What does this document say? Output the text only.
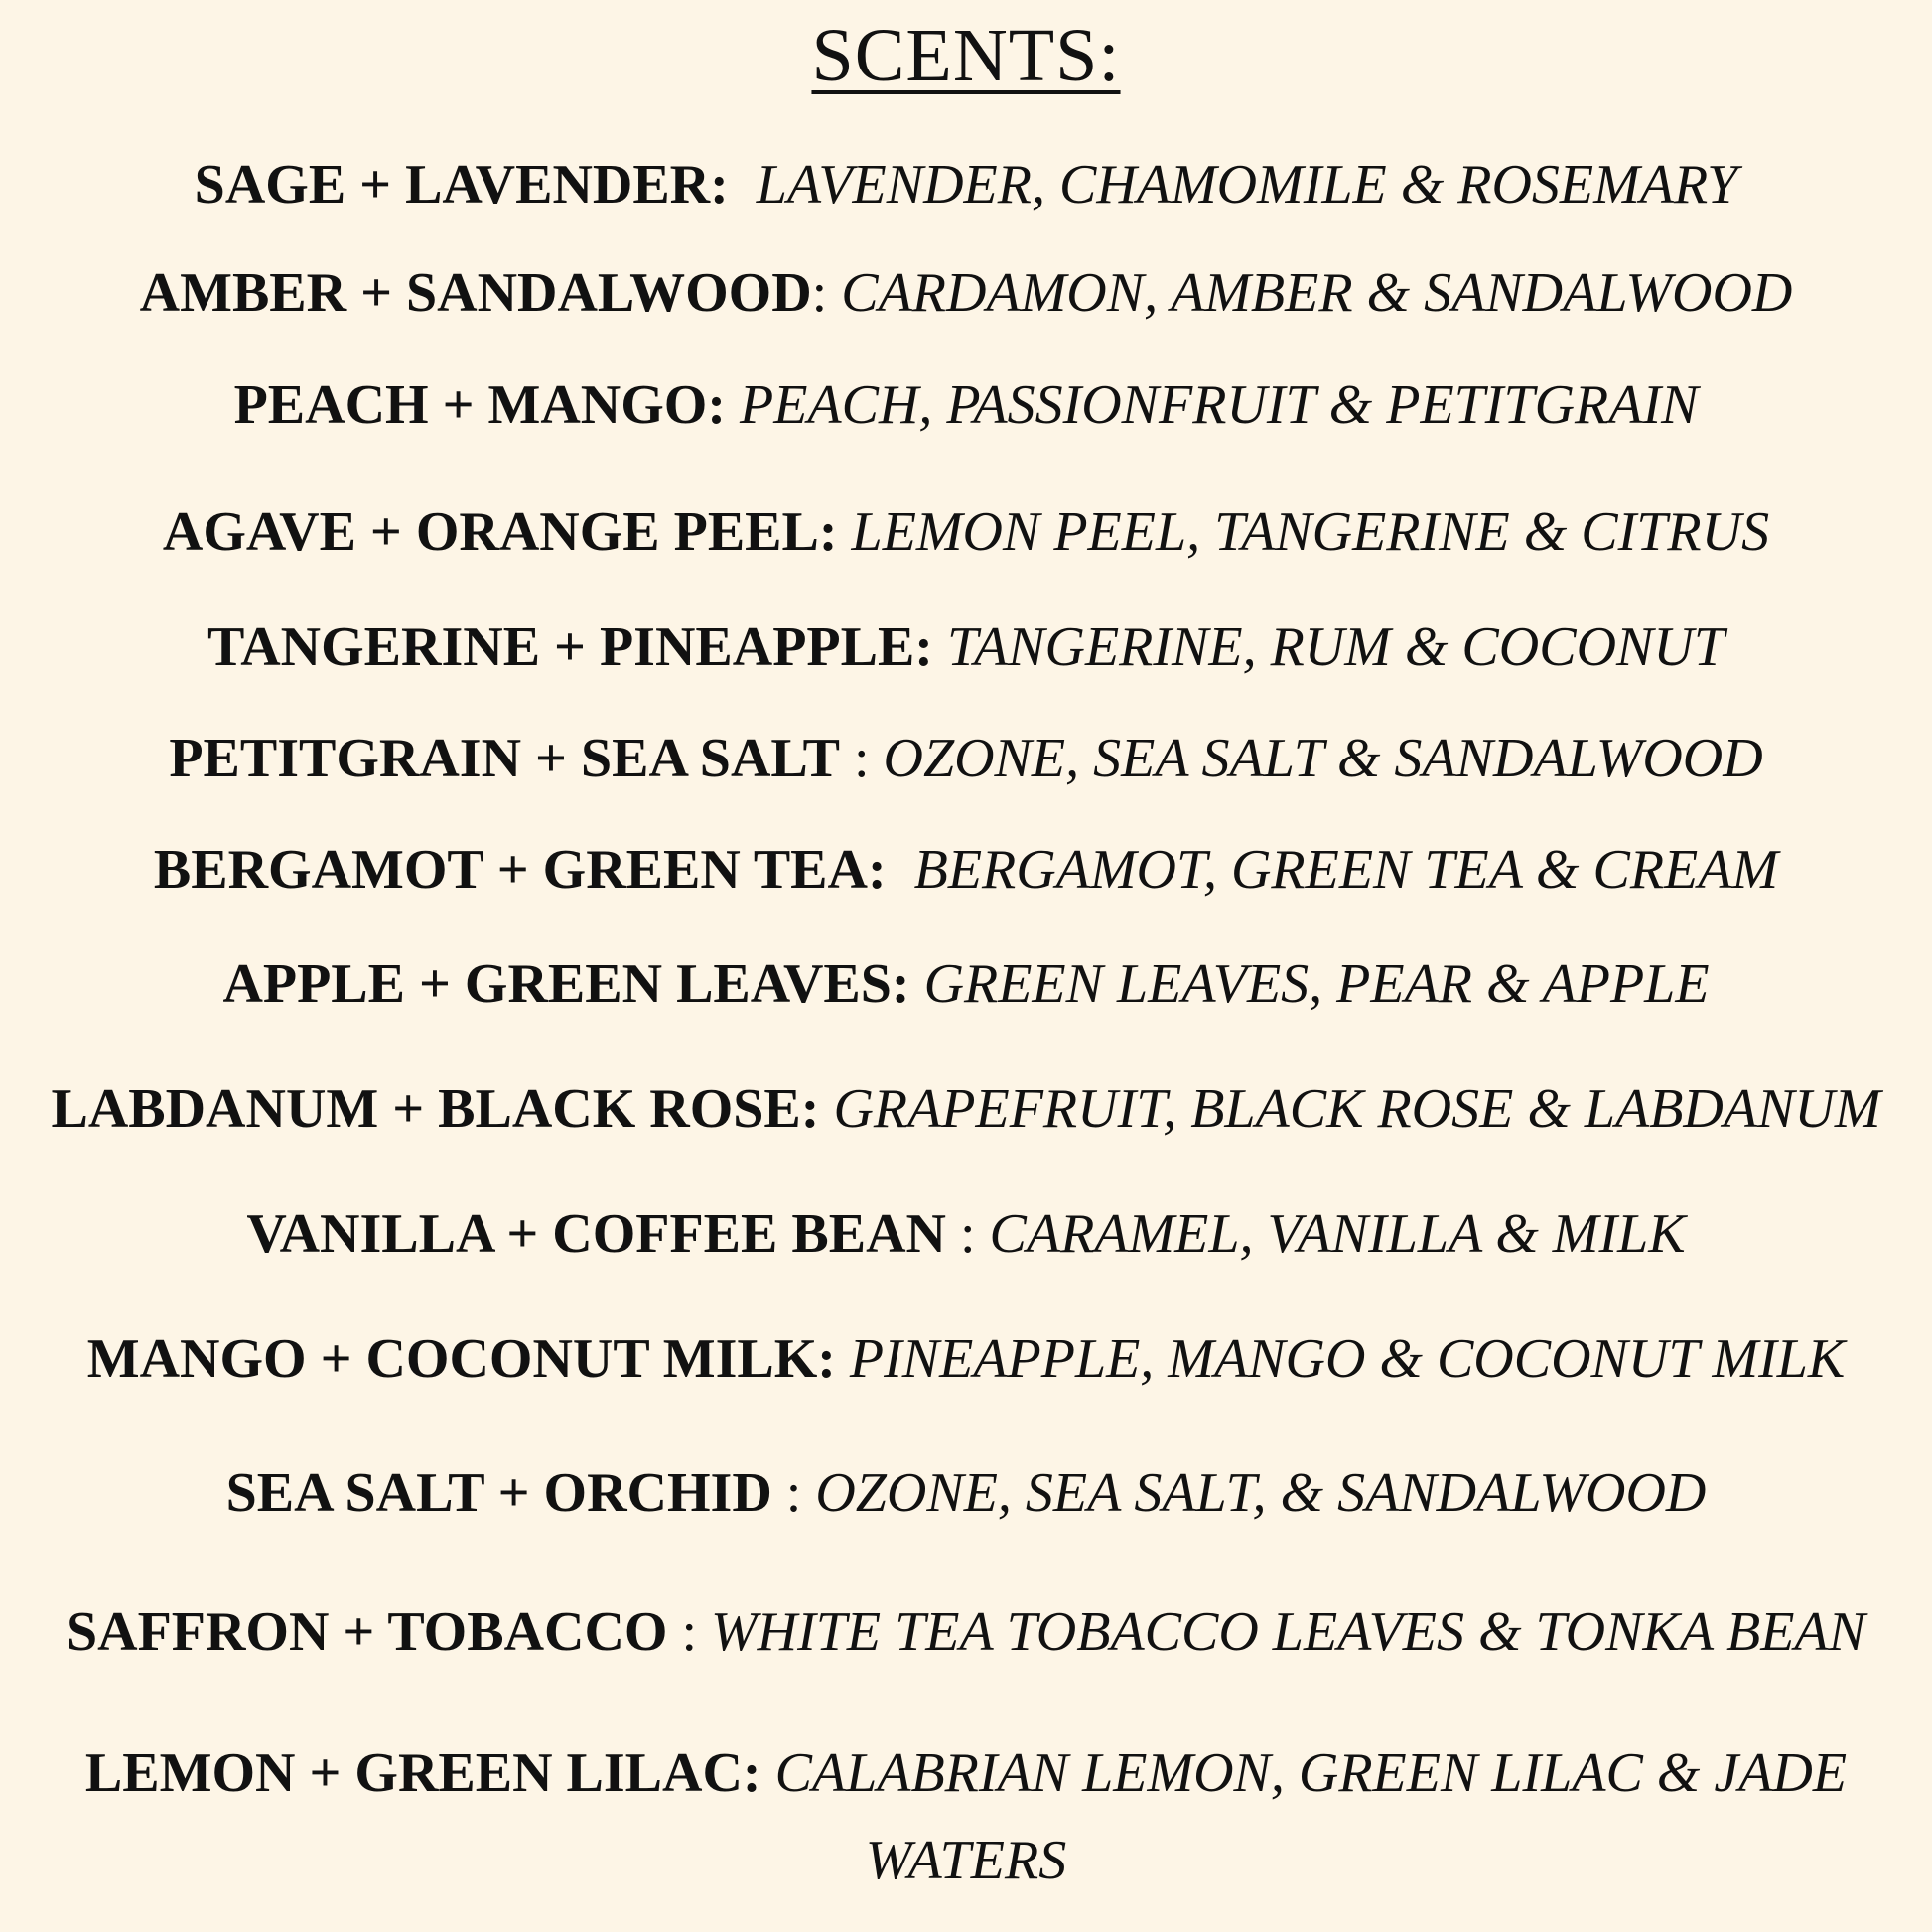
SCENTS:
SAGE + LAVENDER: LAVENDER, CHAMOMILE & ROSEMARY
AMBER + SANDALWOOD: CARDAMON, AMBER & SANDALWOOD
PEACH + MANGO: PEACH, PASSIONFRUIT & PETITGRAIN
AGAVE + ORANGE PEEL: LEMON PEEL, TANGERINE & CITRUS
TANGERINE + PINEAPPLE: TANGERINE, RUM & COCONUT
PETITGRAIN + SEA SALT : OZONE, SEA SALT & SANDALWOOD
BERGAMOT + GREEN TEA: BERGAMOT, GREEN TEA & CREAM
APPLE + GREEN LEAVES: GREEN LEAVES, PEAR & APPLE
LABDANUM + BLACK ROSE: GRAPEFRUIT, BLACK ROSE & LABDANUM
VANILLA + COFFEE BEAN : CARAMEL, VANILLA & MILK
MANGO + COCONUT MILK: PINEAPPLE, MANGO & COCONUT MILK
SEA SALT + ORCHID : OZONE, SEA SALT, & SANDALWOOD
SAFFRON + TOBACCO : WHITE TEA TOBACCO LEAVES & TONKA BEAN
LEMON + GREEN LILAC: CALABRIAN LEMON, GREEN LILAC & JADE WATERS
